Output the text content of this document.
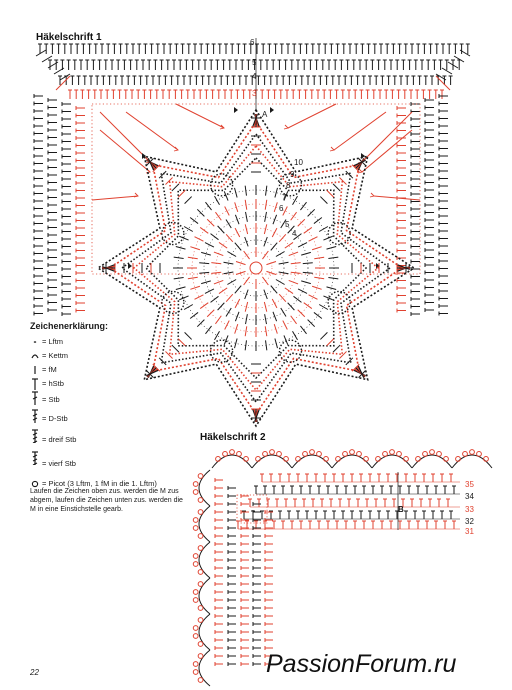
Häkelschrift 1
Häkelschrift 2
35
34
33
32
31
B
6
5
4
3
A
10
9
8
7
6
5
4
Zeichenerklärung:
= Lftm
= Kettm
= fM
= hStb
= Stb
= D-Stb
= dreif Stb
= vierf Stb
= Picot (3 Lftm, 1 fM in die 1. Lftm)
Laufen die Zeichen oben zus. werden die M zus abgem, laufen die Zeichen unten zus. werden die M in eine Einstichstelle gearb.
22	PassionForum.ru
